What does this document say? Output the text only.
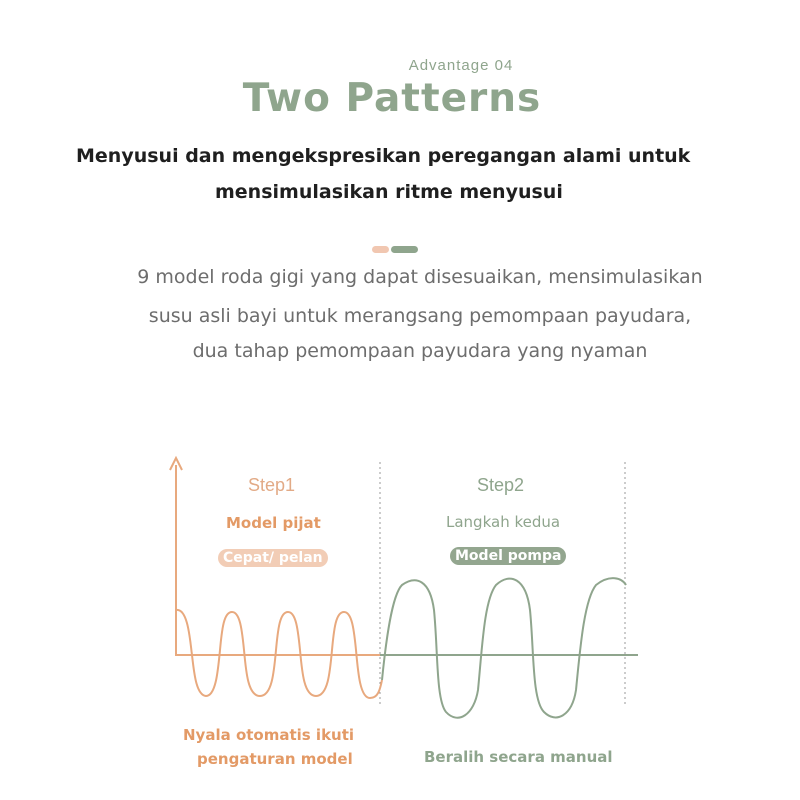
Advantage 04
Two Patterns
Menyusui dan mengekspresikan peregangan alami untuk
mensimulasikan ritme menyusui
9 model roda gigi yang dapat disesuaikan, mensimulasikan
susu asli bayi untuk merangsang pemompaan payudara,
dua tahap pemompaan payudara yang nyaman
Step1	Step2
Model pijat	Langkah kedua
Cepat/ pelan	Model pompa
Nyala otomatis ikuti
pengaturan model	Beralih secara manual
